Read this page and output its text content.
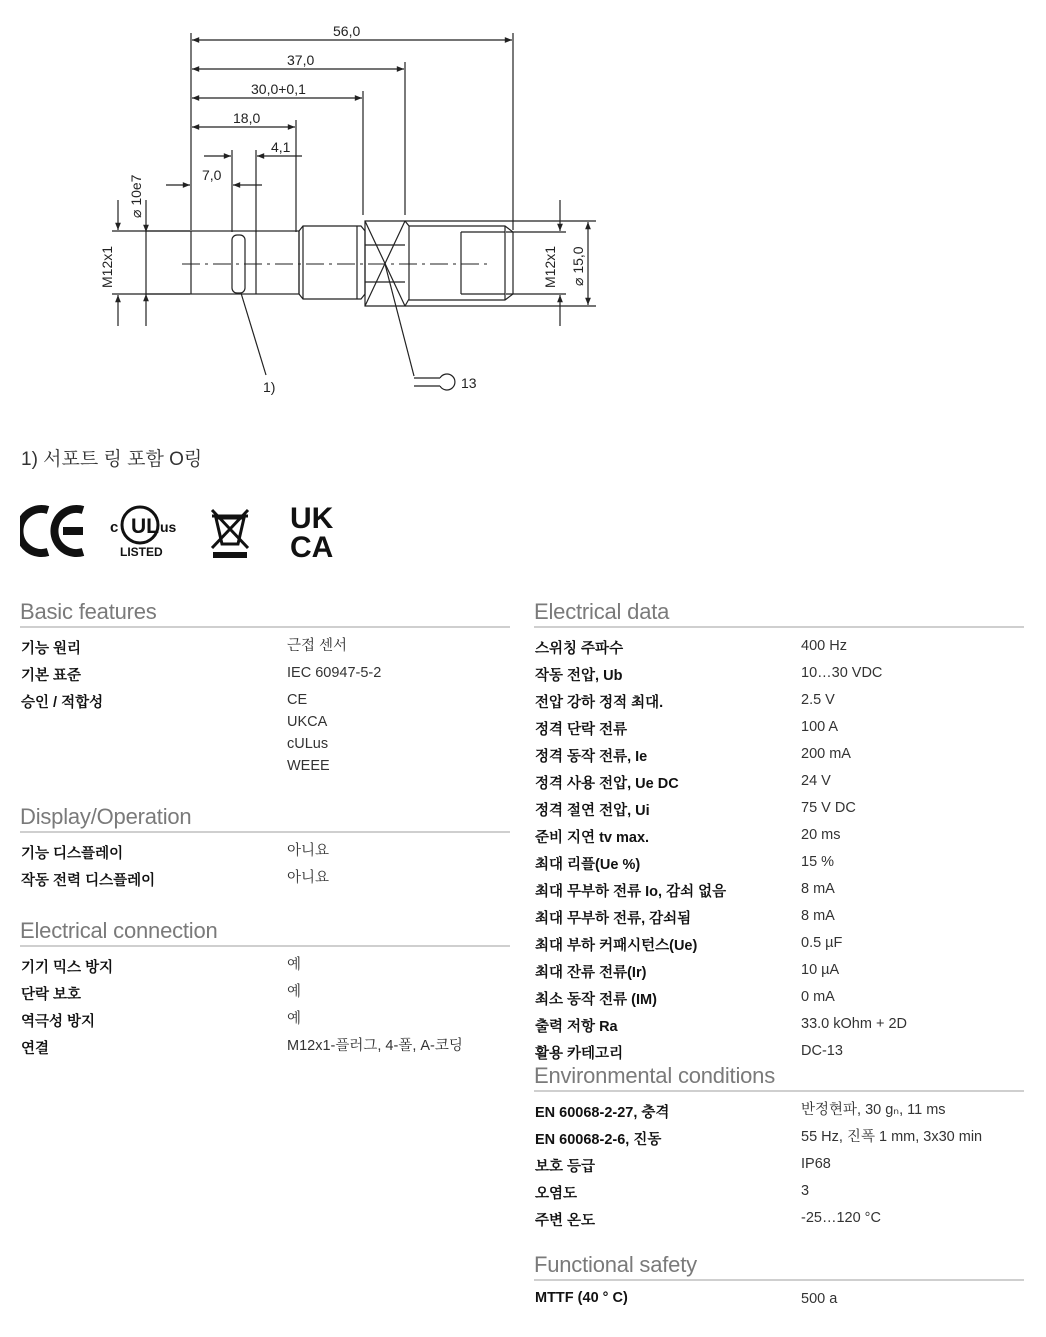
56,0
37,0
30,0+0,1
18,0
4,1
7,0
M12x1
⌀ 10e7
M12x1 ⌀ 15,0
1)	13
1) 서포트 링 포함 O링
UL
c	us
LISTED
UK
CA
Basic features
기능 원리	근접 센서
기본 표준	IEC 60947-5-2
승인 / 적합성	CE
UKCA
cULus
WEEE
Display/Operation
기능 디스플레이	아니요
작동 전력 디스플레이	아니요
Electrical connection
기기 믹스 방지	예
단락 보호	예
역극성 방지	예
연결	M12x1-플러그, 4-폴, A-코딩
Electrical data
스위칭 주파수	400 Hz
작동 전압, Ub	10…30 VDC
전압 강하 정적 최대.	2.5 V
정격 단락 전류	100 A
정격 동작 전류, Ie	200 mA
정격 사용 전압, Ue DC	24 V
정격 절연 전압, Ui	75 V DC
준비 지연 tv max.	20 ms
최대 리플(Ue %)	15 %
최대 무부하 전류 Io, 감쇠 없음	8 mA
최대 무부하 전류, 감쇠됨	8 mA
최대 부하 커패시턴스(Ue)	0.5 µF
최대 잔류 전류(Ir)	10 µA
최소 동작 전류 (IM)	0 mA
출력 저항 Ra	33.0 kOhm + 2D
활용 카테고리	DC-13
Environmental conditions
EN 60068-2-27, 충격	반정현파, 30 gₙ, 11 ms
EN 60068-2-6, 진동	55 Hz, 진폭 1 mm, 3x30 min
보호 등급	IP68
오염도	3
주변 온도	-25…120 °C
Functional safety
MTTF (40 ° C)	500 a
